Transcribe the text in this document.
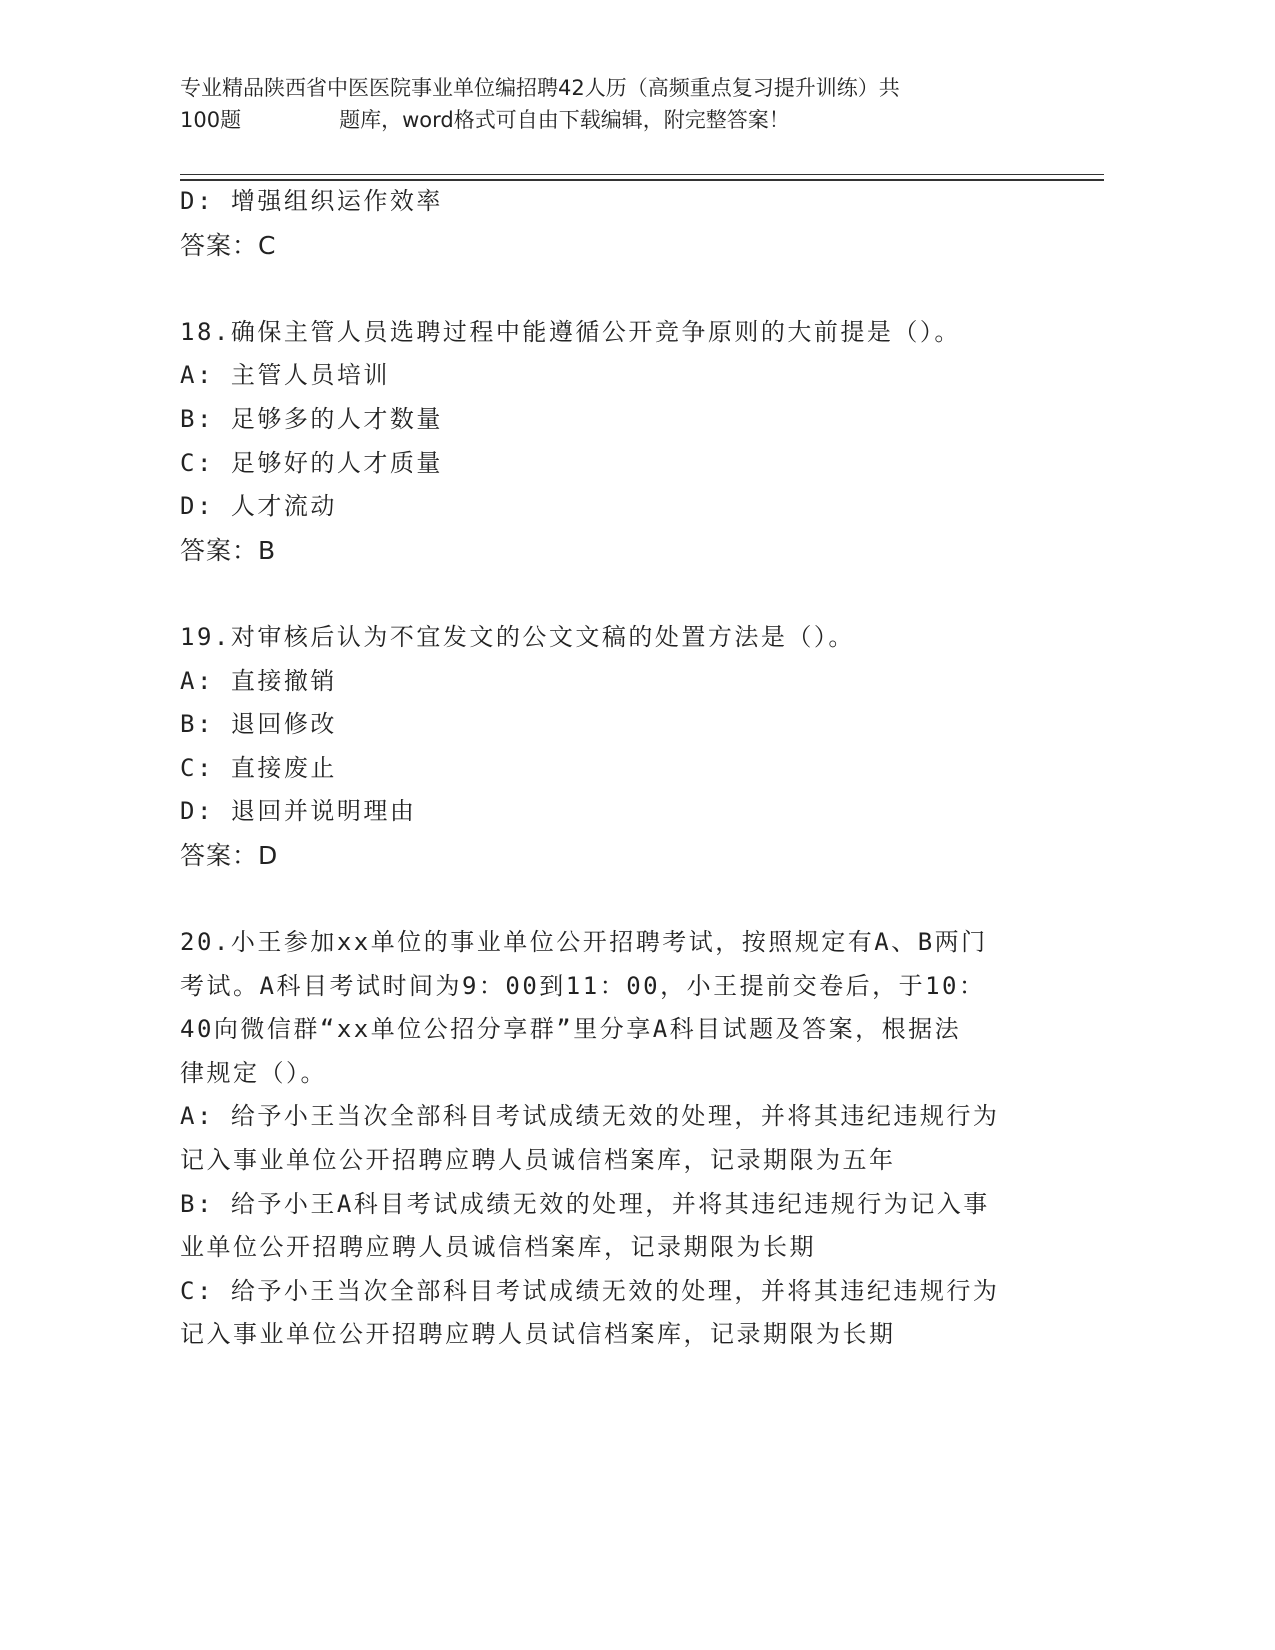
专业精品陕西省中医医院事业单位编招聘42人历（高频重点复习提升训练）共
100题	题库，word格式可自由下载编辑，附完整答案！
D: 增强组织运作效率
答案：C
18.确保主管人员选聘过程中能遵循公开竞争原则的大前提是（）。
A: 主管人员培训
B: 足够多的人才数量
C: 足够好的人才质量
D: 人才流动
答案：B
19.对审核后认为不宜发文的公文文稿的处置方法是（）。
A: 直接撤销
B: 退回修改
C: 直接废止
D: 退回并说明理由
答案：D
20.小王参加xx单位的事业单位公开招聘考试，按照规定有A、B两门
考试。A科目考试时间为9：00到11：00，小王提前交卷后，于10：
40向微信群“xx单位公招分享群”里分享A科目试题及答案，根据法
律规定（）。
A: 给予小王当次全部科目考试成绩无效的处理，并将其违纪违规行为
记入事业单位公开招聘应聘人员诚信档案库，记录期限为五年
B: 给予小王A科目考试成绩无效的处理，并将其违纪违规行为记入事
业单位公开招聘应聘人员诚信档案库，记录期限为长期
C: 给予小王当次全部科目考试成绩无效的处理，并将其违纪违规行为
记入事业单位公开招聘应聘人员试信档案库，记录期限为长期
